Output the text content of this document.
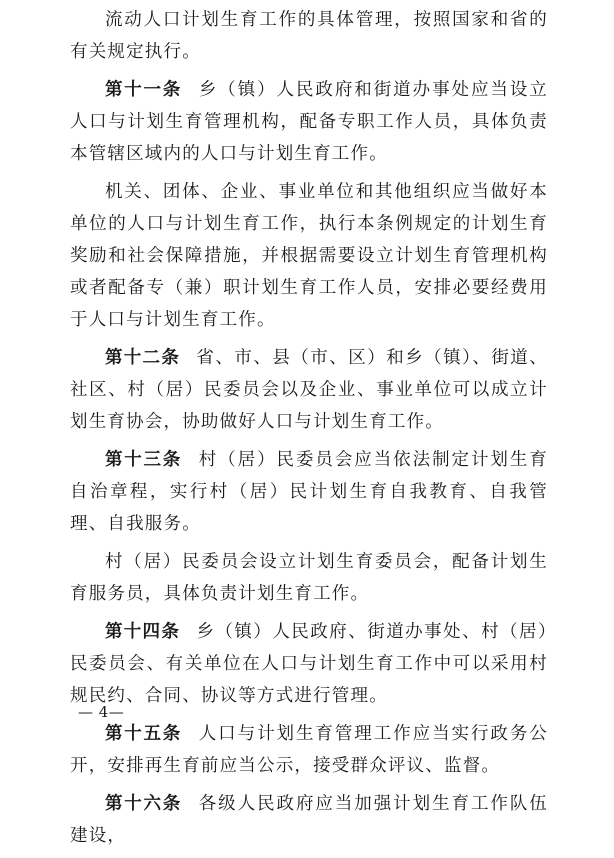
流动人口计划生育工作的具体管理，按照国家和省的有关规定执行。

第十一条 乡（镇）人民政府和街道办事处应当设立人口与计划生育管理机构，配备专职工作人员，具体负责本管辖区域内的人口与计划生育工作。

机关、团体、企业、事业单位和其他组织应当做好本单位的人口与计划生育工作，执行本条例规定的计划生育奖励和社会保障措施，并根据需要设立计划生育管理机构或者配备专（兼）职计划生育工作人员，安排必要经费用于人口与计划生育工作。

第十二条 省、市、县（市、区）和乡（镇）、街道、社区、村（居）民委员会以及企业、事业单位可以成立计划生育协会，协助做好人口与计划生育工作。

第十三条 村（居）民委员会应当依法制定计划生育自治章程，实行村（居）民计划生育自我教育、自我管理、自我服务。

村（居）民委员会设立计划生育委员会，配备计划生育服务员，具体负责计划生育工作。

第十四条 乡（镇）人民政府、街道办事处、村（居）民委员会、有关单位在人口与计划生育工作中可以采用村规民约、合同、协议等方式进行管理。

第十五条 人口与计划生育管理工作应当实行政务公开，安排再生育前应当公示，接受群众评议、监督。

第十六条 各级人民政府应当加强计划生育工作队伍建设，

— 4—
